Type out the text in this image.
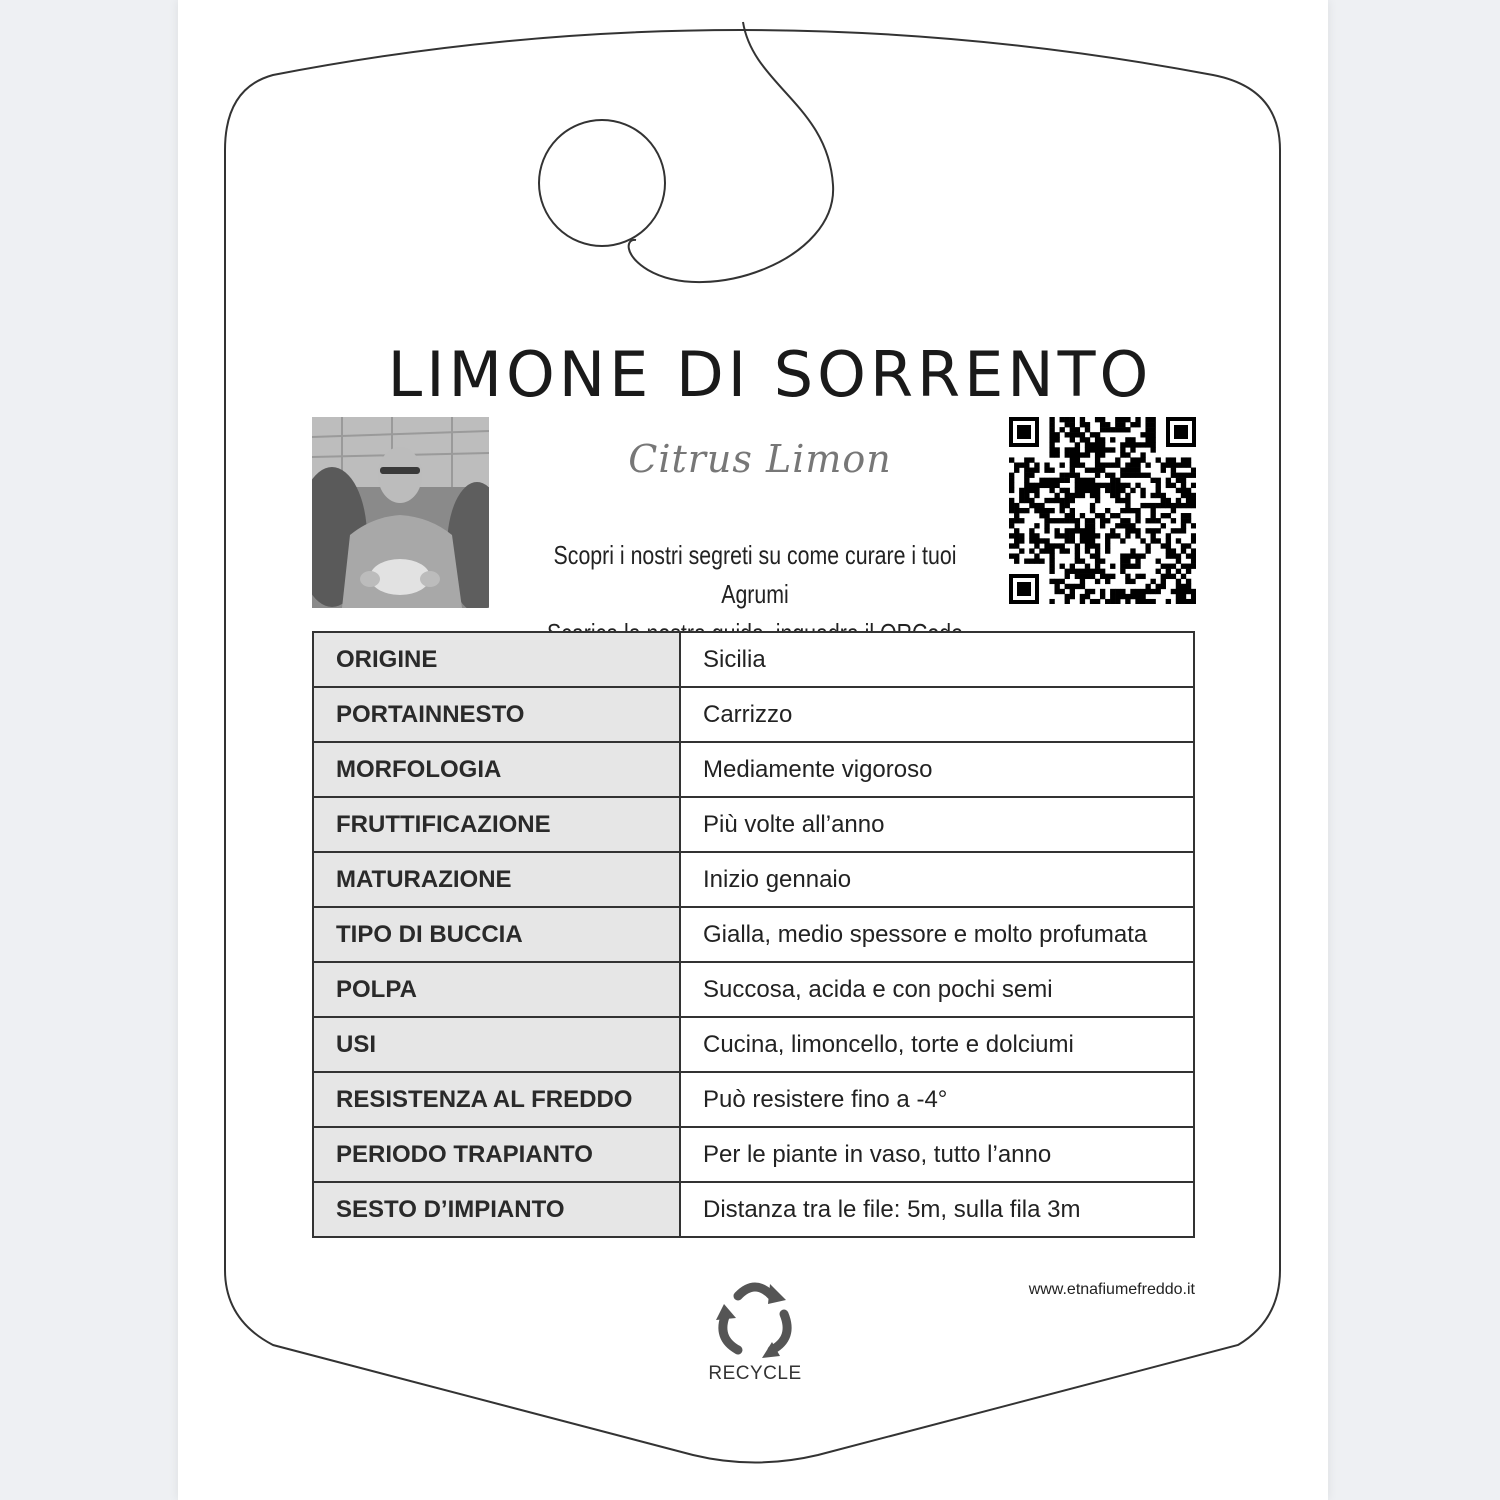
LIMONE DI SORRENTO
Citrus Limon
Scopri i nostri segreti su come curare i tuoi Agrumi
ORIGINE	Sicilia
PORTAINNESTO	Carrizzo
MORFOLOGIA	Mediamente vigoroso
FRUTTIFICAZIONE	Più volte all’anno
MATURAZIONE	Inizio gennaio
TIPO DI BUCCIA	Gialla, medio spessore e molto profumata
POLPA	Succosa, acida e con pochi semi
USI	Cucina, limoncello, torte e dolciumi
RESISTENZA AL FREDDO	Può resistere fino a -4°
PERIODO TRAPIANTO	Per le piante in vaso, tutto l’anno
SESTO D’IMPIANTO	Distanza tra le file: 5m, sulla fila 3m
www.etnafiumefreddo.it
RECYCLE
